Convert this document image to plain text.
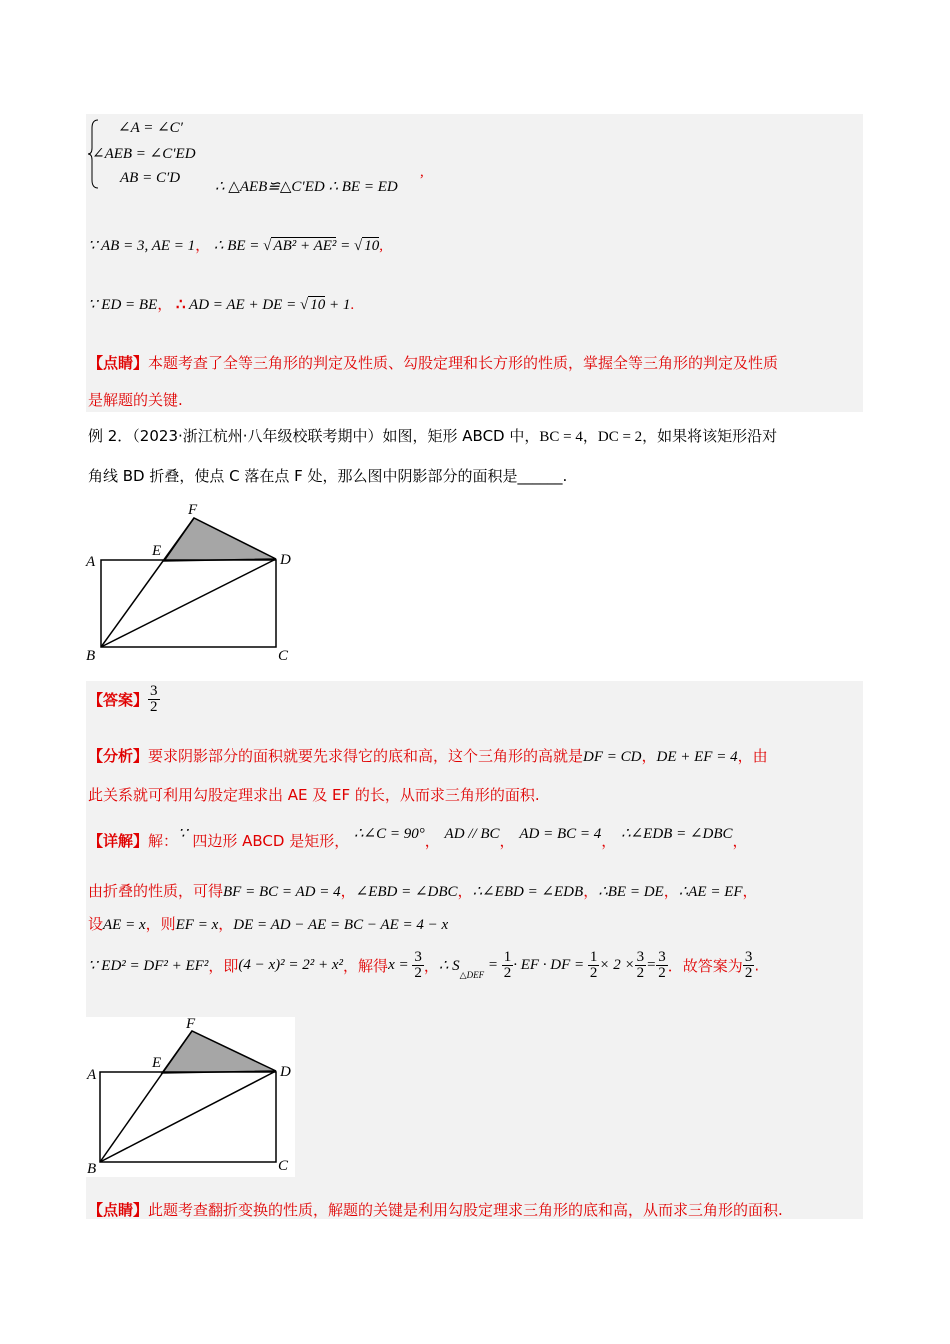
∠A = ∠C′
∠AEB = ∠C′ED
AB = C′D
∴ △AEB≌△C′ED ∴ BE = ED
,
∵ AB = 3, AE = 1， ∴ BE = √ AB² + AE² = √ 10,
∵ ED = BE， ∴ AD = AE + DE = √ 10 + 1.
【点睛】本题考查了全等三角形的判定及性质、勾股定理和长方形的性质，掌握全等三角形的判定及性质
是解题的关键.
例 2．（2023·浙江杭州·八年级校联考期中）如图，矩形 ABCD 中，BC = 4，DC = 2，如果将该矩形沿对
角线 BD 折叠，使点 C 落在点 F 处，那么图中阴影部分的面积是______.
A
B	C
D
E
F
【答案】 $\frac{3}{2}$
【分析】要求阴影部分的面积就要先求得它的底和高，这个三角形的高就是DF = CD，DE + EF = 4，由
此关系就可利用勾股定理求出 AE 及 EF 的长，从而求三角形的面积.
【详解】解：∵ 四边形 ABCD 是矩形， ∴∠C = 90°， AD // BC， AD = BC = 4， ∴∠EDB = ∠DBC，
由折叠的性质，可得BF = BC = AD = 4，∠EBD = ∠DBC，∴∠EBD = ∠EDB，∴BE = DE，∴AE = EF，
设AE = x，则EF = x，DE = AD − AE = BC − AE = 4 − x
∵ ED² = DF² + EF²，即(4 − x)² = 2² + x²，解得$x = \frac{3}{2}$ ，∴ $S_{\triangle DEF} = \frac{1}{2}$ · EF · DF = $\frac{1}{2} \times 2 \times \frac{3}{2} = \frac{3}{2}$ ．故答案为 $\frac{3}{2}$ .
A
B	C
D
E
F
【点睛】此题考查翻折变换的性质，解题的关键是利用勾股定理求三角形的底和高，从而求三角形的面积.
